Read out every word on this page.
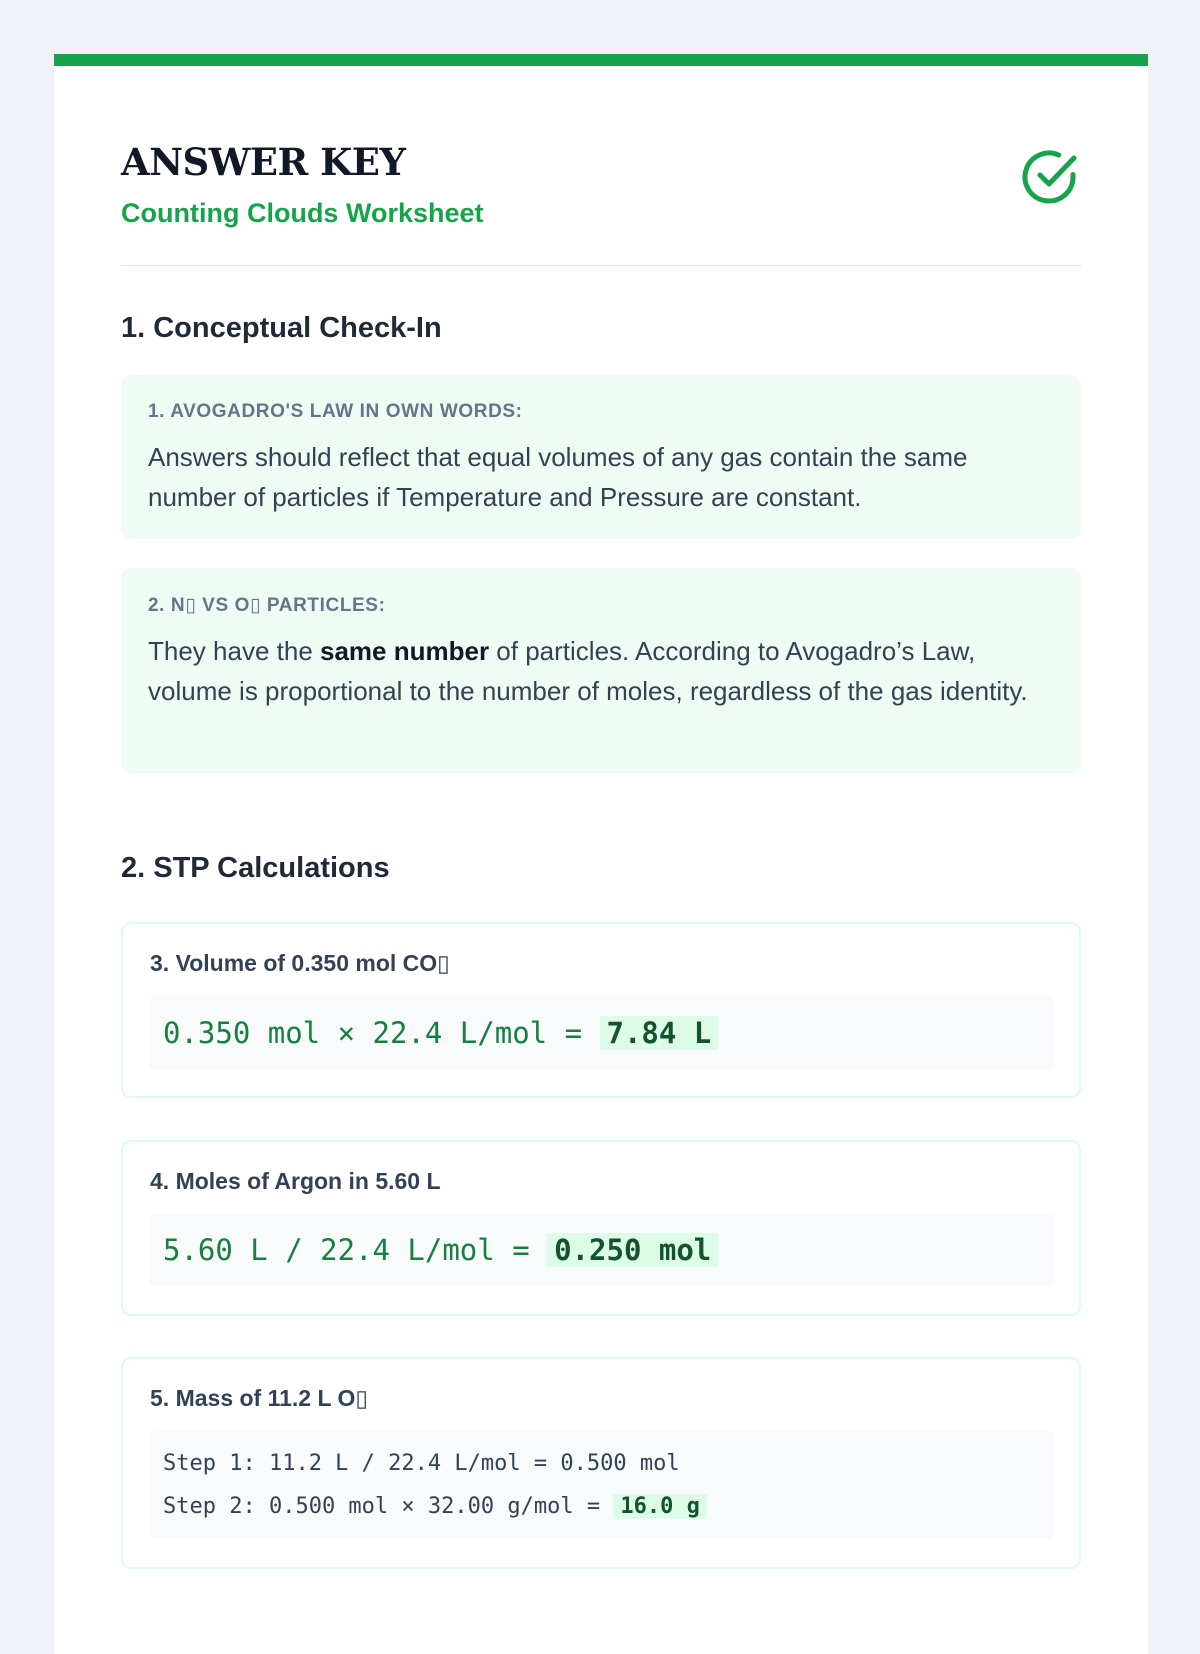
ANSWER KEY
Counting Clouds Worksheet
1. Conceptual Check-In
1. AVOGADRO'S LAW IN OWN WORDS:
Answers should reflect that equal volumes of any gas contain the same number of particles if Temperature and Pressure are constant.
2. N▯ VS O▯ PARTICLES:
They have the same number of particles. According to Avogadro’s Law, volume is proportional to the number of moles, regardless of the gas identity.
2. STP Calculations
3. Volume of 0.350 mol CO▯
0.350 mol × 22.4 L/mol = 7.84 L
4. Moles of Argon in 5.60 L
5.60 L / 22.4 L/mol = 0.250 mol
5. Mass of 11.2 L O▯
Step 1: 11.2 L / 22.4 L/mol = 0.500 mol
Step 2: 0.500 mol × 32.00 g/mol = 16.0 g
